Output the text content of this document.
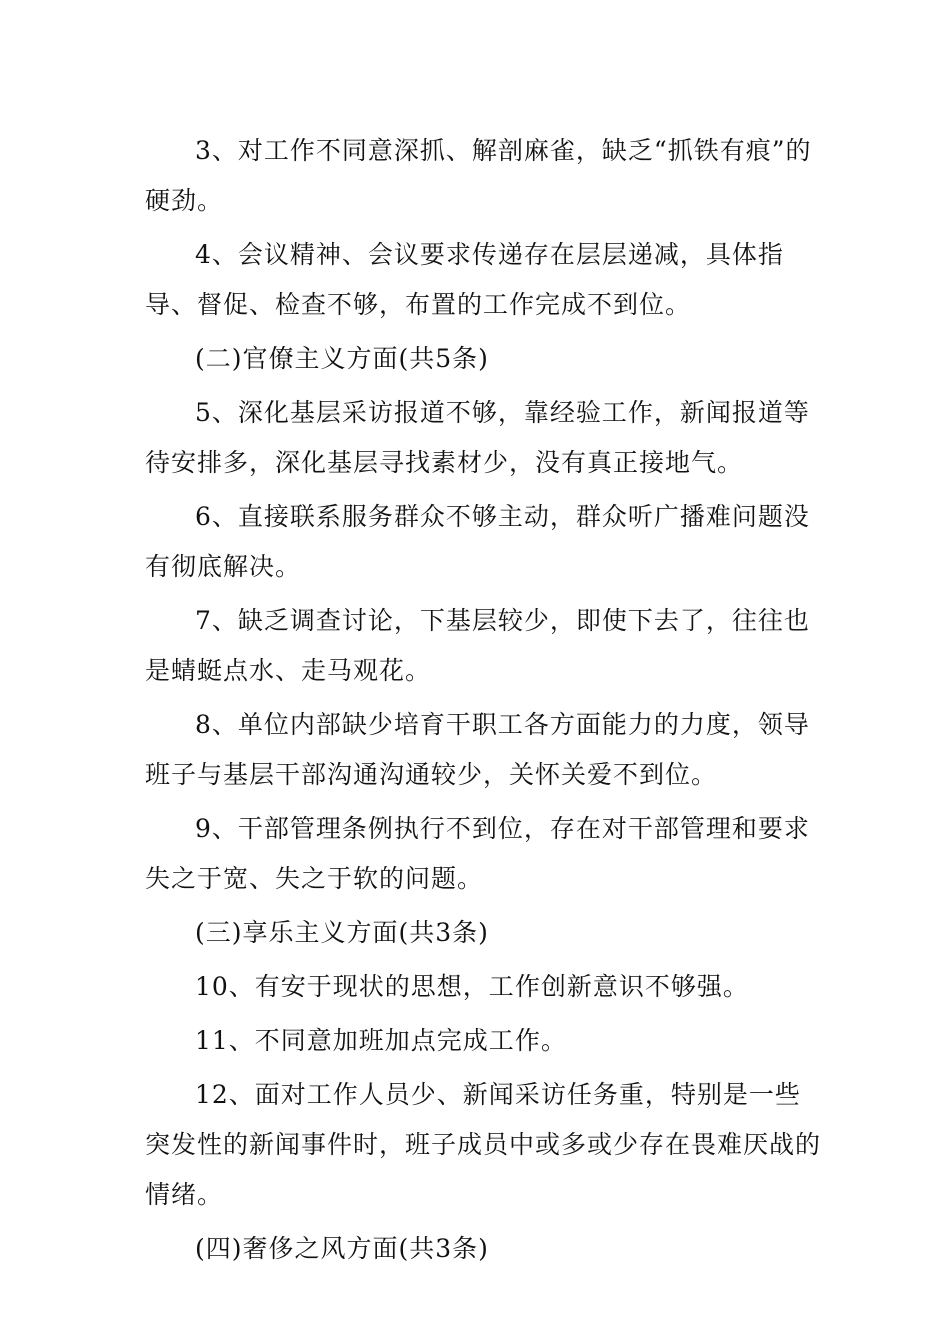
3、对工作不同意深抓、解剖麻雀，缺乏“抓铁有痕”的硬劲。

4、会议精神、会议要求传递存在层层递减，具体指导、督促、检查不够，布置的工作完成不到位。

(二)官僚主义方面(共5条)

5、深化基层采访报道不够，靠经验工作，新闻报道等待安排多，深化基层寻找素材少，没有真正接地气。

6、直接联系服务群众不够主动，群众听广播难问题没有彻底解决。

7、缺乏调查讨论，下基层较少，即使下去了，往往也是蜻蜓点水、走马观花。

8、单位内部缺少培育干职工各方面能力的力度，领导班子与基层干部沟通沟通较少，关怀关爱不到位。

9、干部管理条例执行不到位，存在对干部管理和要求失之于宽、失之于软的问题。

(三)享乐主义方面(共3条)

10、有安于现状的思想，工作创新意识不够强。

11、不同意加班加点完成工作。

12、面对工作人员少、新闻采访任务重，特别是一些突发性的新闻事件时，班子成员中或多或少存在畏难厌战的情绪。

(四)奢侈之风方面(共3条)
